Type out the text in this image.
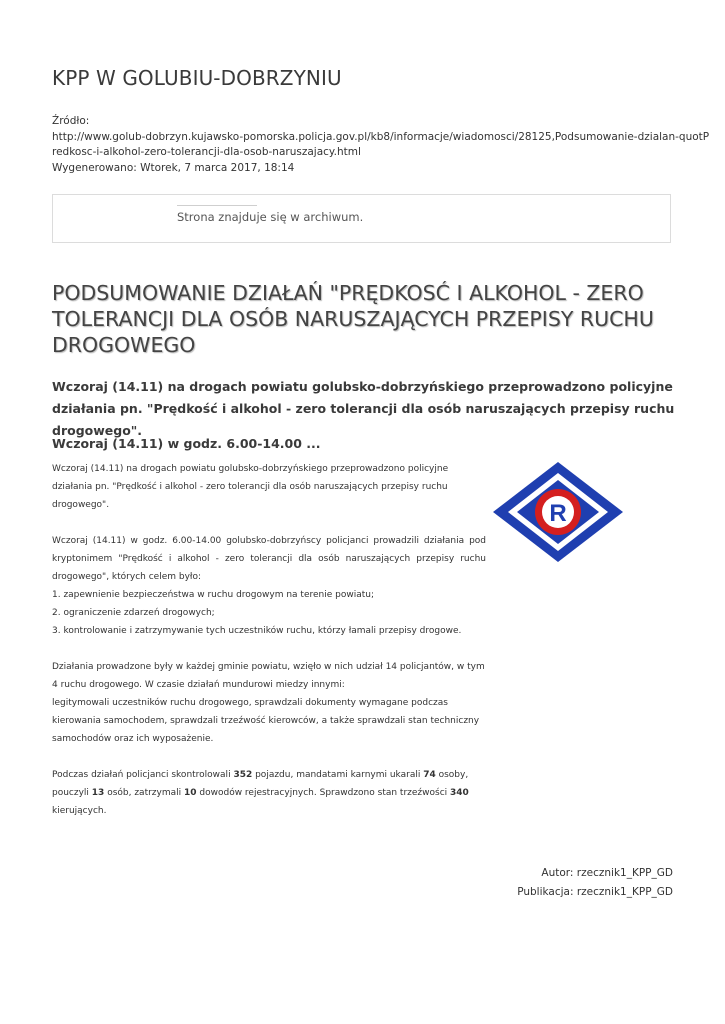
KPP W GOLUBIU-DOBRZYNIU
Źródło:
http://www.golub-dobrzyn.kujawsko-pomorska.policja.gov.pl/kb8/informacje/wiadomosci/28125,Podsumowanie-dzialan-quotP
redkosc-i-alkohol-zero-tolerancji-dla-osob-naruszajacy.html
Wygenerowano: Wtorek, 7 marca 2017, 18:14
Strona znajduje się w archiwum.
PODSUMOWANIE DZIAŁAŃ "PRĘDKOSĆ I ALKOHOL - ZERO TOLERANCJI DLA OSÓB NARUSZAJĄCYCH PRZEPISY RUCHU DROGOWEGO
Wczoraj (14.11) na drogach powiatu golubsko-dobrzyńskiego przeprowadzono policyjne działania pn. "Prędkość i alkohol - zero tolerancji dla osób naruszających przepisy ruchu drogowego".
Wczoraj (14.11) w godz. 6.00-14.00 ...

Wczoraj (14.11) na drogach powiatu golubsko-dobrzyńskiego przeprowadzono policyjne działania pn. "Prędkość i alkohol - zero tolerancji dla osób naruszających przepisy ruchu drogowego".

Wczoraj (14.11) w godz. 6.00-14.00 golubsko-dobrzyńscy policjanci prowadzili działania pod kryptonimem "Prędkość i alkohol - zero tolerancji dla osób naruszających przepisy ruchu drogowego", których celem było:

1. zapewnienie bezpieczeństwa w ruchu drogowym na terenie powiatu;
2. ograniczenie zdarzeń drogowych;
3. kontrolowanie i zatrzymywanie tych uczestników ruchu, którzy łamali przepisy drogowe.
Działania prowadzone były w każdej gminie powiatu, wzięło w nich udział 14 policjantów, w tym 4 ruchu drogowego. W czasie działań mundurowi miedzy innymi:

legitymowali uczestników ruchu drogowego, sprawdzali dokumenty wymagane podczas kierowania samochodem, sprawdzali trzeźwość kierowców, a także sprawdzali stan techniczny samochodów oraz ich wyposażenie.

Podczas działań policjanci skontrolowali 352 pojazdu, mandatami karnymi ukarali 74 osoby, pouczyli 13 osób, zatrzymali 10 dowodów rejestracyjnych. Sprawdzono stan trzeźwości 340 kierujących.

R
Autor: rzecznik1_KPP_GD
Publikacja: rzecznik1_KPP_GD
